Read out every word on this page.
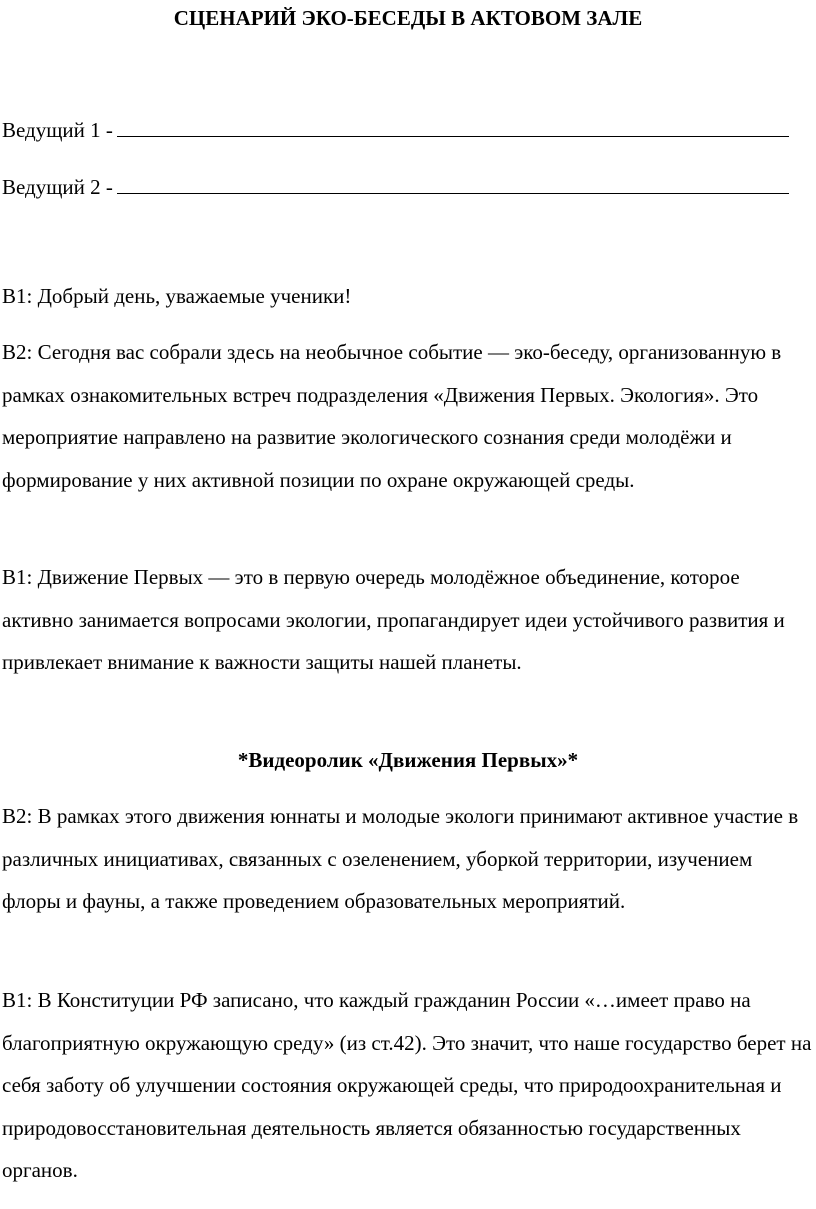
СЦЕНАРИЙ ЭКО-БЕСЕДЫ В АКТОВОМ ЗАЛЕ
Ведущий 1 -
Ведущий 2 -

В1: Добрый день, уважаемые ученики!

В2: Сегодня вас собрали здесь на необычное событие — эко-беседу, организованную в рамках ознакомительных встреч подразделения «Движения Первых. Экология». Это мероприятие направлено на развитие экологического сознания среди молодёжи и формирование у них активной позиции по охране окружающей среды.

В1: Движение Первых — это в первую очередь молодёжное объединение, которое активно занимается вопросами экологии, пропагандирует идеи устойчивого развития и привлекает внимание к важности защиты нашей планеты.

*Видеоролик «Движения Первых»*

В2: В рамках этого движения юннаты и молодые экологи принимают активное участие в различных инициативах, связанных с озеленением, уборкой территории, изучением флоры и фауны, а также проведением образовательных мероприятий.

В1: В Конституции РФ записано, что каждый гражданин России «…имеет право на благоприятную окружающую среду» (из ст.42). Это значит, что наше государство берет на себя заботу об улучшении состояния окружающей среды, что природоохранительная и природовосстановительная деятельность является обязанностью государственных органов.
